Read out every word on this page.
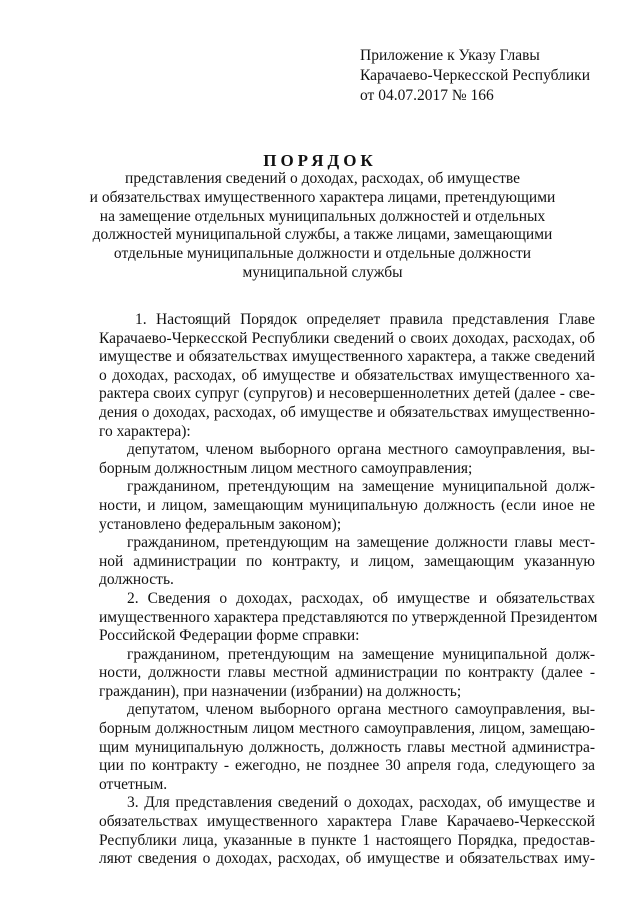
Приложение к Указу Главы
Карачаево-Черкесской Республики
от 04.07.2017 № 166
ПОРЯДОК
представления сведений о доходах, расходах, об имуществе
и обязательствах имущественного характера лицами, претендующими
на замещение отдельных муниципальных должностей и отдельных
должностей муниципальной службы, а также лицами, замещающими
отдельные муниципальные должности и отдельные должности
муниципальной службы
1. Настоящий Порядок определяет правила представления Главе
Карачаево-Черкесской Республики сведений о своих доходах, расходах, об
имуществе и обязательствах имущественного характера, а также сведений
о доходах, расходах, об имуществе и обязательствах имущественного ха-
рактера своих супруг (супругов) и несовершеннолетних детей (далее - све-
дения о доходах, расходах, об имуществе и обязательствах имущественно-
го характера):
депутатом, членом выборного органа местного самоуправления, вы-
борным должностным лицом местного самоуправления;
гражданином, претендующим на замещение муниципальной долж-
ности, и лицом, замещающим муниципальную должность (если иное не
установлено федеральным законом);
гражданином, претендующим на замещение должности главы мест-
ной администрации по контракту, и лицом, замещающим указанную
должность.
2. Сведения о доходах, расходах, об имуществе и обязательствах
имущественного характера представляются по утвержденной Президентом
Российской Федерации форме справки:
гражданином, претендующим на замещение муниципальной долж-
ности, должности главы местной администрации по контракту (далее -
гражданин), при назначении (избрании) на должность;
депутатом, членом выборного органа местного самоуправления, вы-
борным должностным лицом местного самоуправления, лицом, замещаю-
щим муниципальную должность, должность главы местной администра-
ции по контракту - ежегодно, не позднее 30 апреля года, следующего за
отчетным.
3. Для представления сведений о доходах, расходах, об имуществе и
обязательствах имущественного характера Главе Карачаево-Черкесской
Республики лица, указанные в пункте 1 настоящего Порядка, предостав-
ляют сведения о доходах, расходах, об имуществе и обязательствах иму-
